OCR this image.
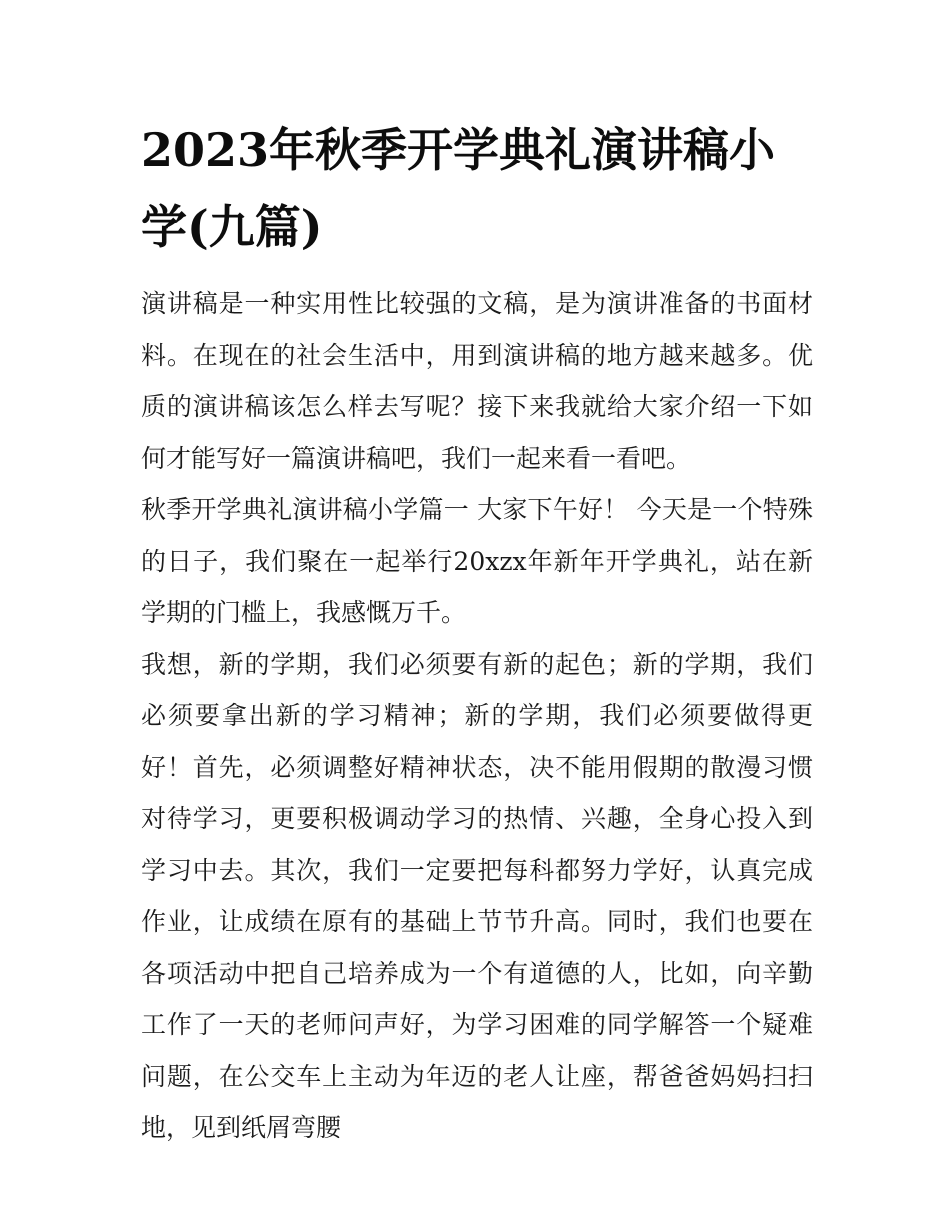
2023年秋季开学典礼演讲稿小学(九篇)

演讲稿是一种实用性比较强的文稿，是为演讲准备的书面材料。在现在的社会生活中，用到演讲稿的地方越来越多。优质的演讲稿该怎么样去写呢？接下来我就给大家介绍一下如何才能写好一篇演讲稿吧，我们一起来看一看吧。

秋季开学典礼演讲稿小学篇一 大家下午好！ 今天是一个特殊的日子，我们聚在一起举行20xzx年新年开学典礼，站在新学期的门槛上，我感慨万千。

我想，新的学期，我们必须要有新的起色；新的学期，我们必须要拿出新的学习精神；新的学期，我们必须要做得更好！首先，必须调整好精神状态，决不能用假期的散漫习惯对待学习，更要积极调动学习的热情、兴趣，全身心投入到学习中去。其次，我们一定要把每科都努力学好，认真完成作业，让成绩在原有的基础上节节升高。同时，我们也要在各项活动中把自己培养成为一个有道德的人，比如，向辛勤工作了一天的老师问声好，为学习困难的同学解答一个疑难问题，在公交车上主动为年迈的老人让座，帮爸爸妈妈扫扫地，见到纸屑弯腰
